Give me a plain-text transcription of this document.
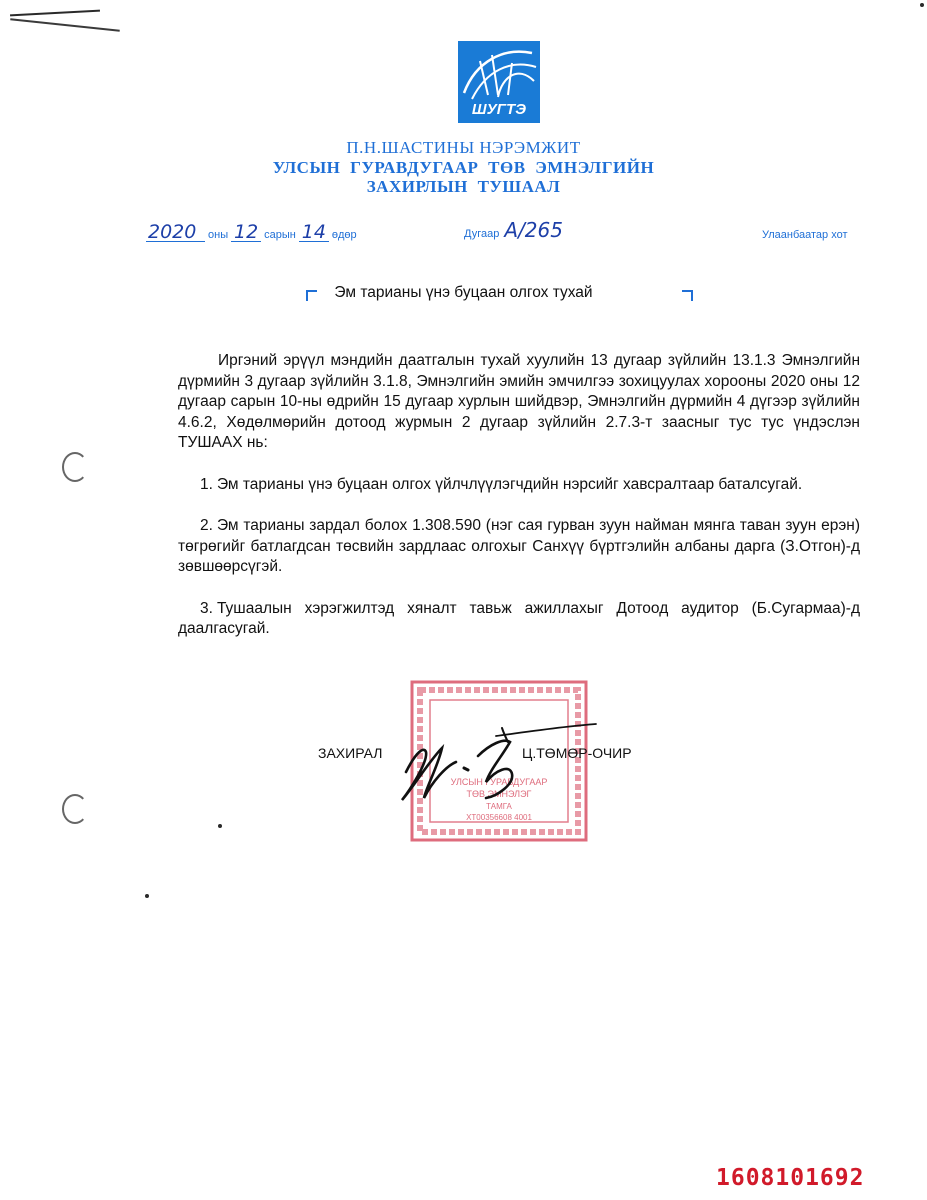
ШУГТЭ
П.Н.ШАСТИНЫ НЭРЭМЖИТ
УЛСЫН ГУРАВДУГААР ТӨВ ЭМНЭЛГИЙН
ЗАХИРЛЫН ТУШААЛ
2020 оны 12 сарын 14 өдөр	Дугаар А/265	Улаанбаатар хот
Эм тарианы үнэ буцаан олгох тухай

Иргэний эрүүл мэндийн даатгалын тухай хуулийн 13 дугаар зүйлийн 13.1.3 Эмнэлгийн дүрмийн 3 дугаар зүйлийн 3.1.8, Эмнэлгийн эмийн эмчилгээ зохицуулах хорооны 2020 оны 12 дугаар сарын 10-ны өдрийн 15 дугаар хурлын шийдвэр, Эмнэлгийн дүрмийн 4 дүгээр зүйлийн 4.6.2, Хөдөлмөрийн дотоод журмын 2 дугаар зүйлийн 2.7.3-т заасныг тус тус үндэслэн ТУШААХ нь:

1. Эм тарианы үнэ буцаан олгох үйлчлүүлэгчдийн нэрсийг хавсралтаар баталсугай.

2. Эм тарианы зардал болох 1.308.590 (нэг сая гурван зуун найман мянга таван зуун ерэн) төгрөгийг батлагдсан төсвийн зардлаас олгохыг Санхүү бүртгэлийн албаны дарга (З.Отгон)-д зөвшөөрсүгэй.

3. Тушаалын хэрэгжилтэд хяналт тавьж ажиллахыг Дотоод аудитор (Б.Сугармаа)-д даалгасугай.

УЛСЫН ГУРАВДУГААР
ТӨВ ЭМНЭЛЭГ
ТАМГА
ХТ00356608 4001
ЗАХИРАЛ	Ц.ТӨМӨР-ОЧИР
1608101692
